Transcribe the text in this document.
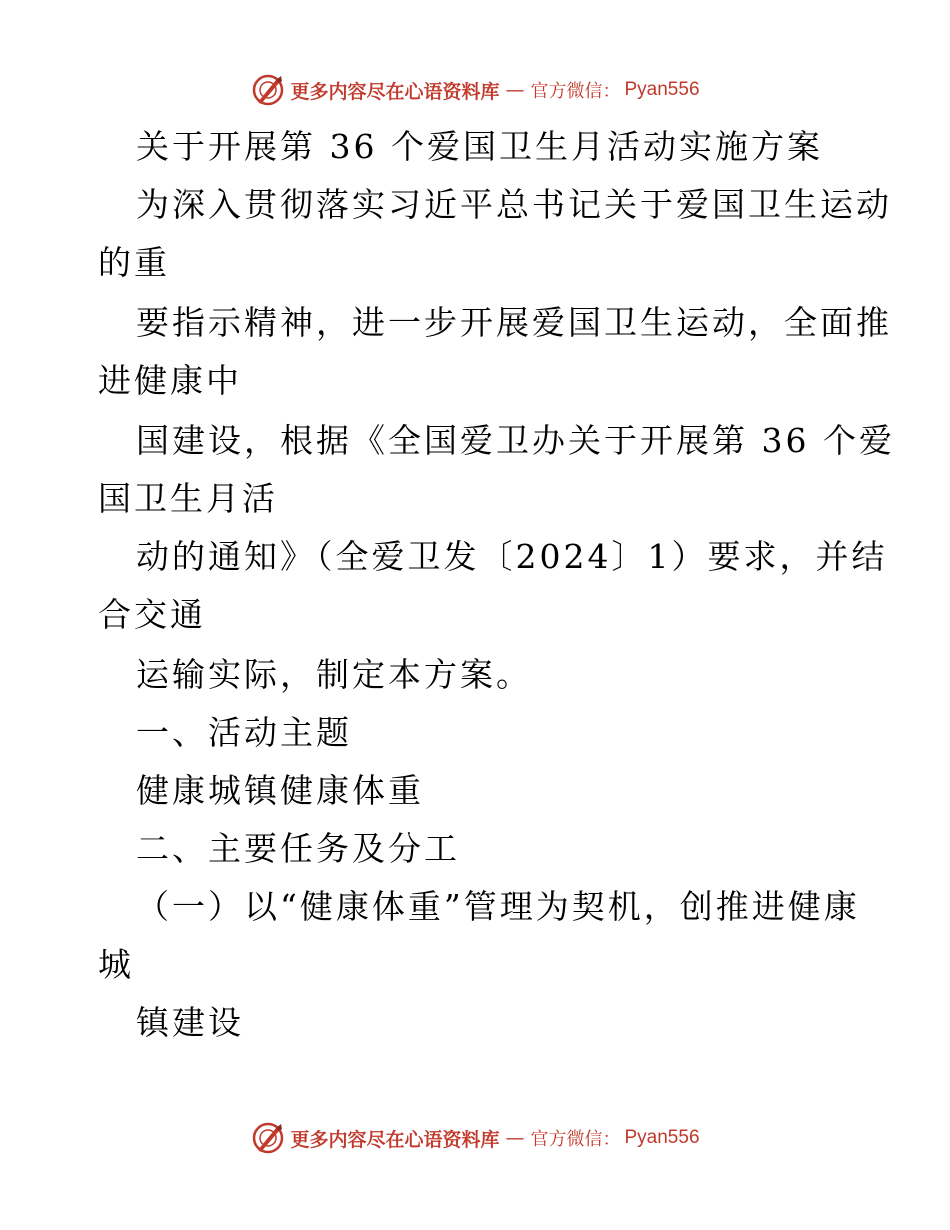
更多内容尽在心语资料库 — 官方微信： Pyan556
关于开展第 36 个爱国卫生月活动实施方案
为深入贯彻落实习近平总书记关于爱国卫生运动
的重
要指示精神，进一步开展爱国卫生运动，全面推
进健康中
国建设，根据《全国爱卫办关于开展第 36 个爱
国卫生月活
动的通知》（全爱卫发〔2024〕1）要求，并结
合交通
运输实际，制定本方案。
一、活动主题
健康城镇健康体重
二、主要任务及分工
（一）以“健康体重”管理为契机，创推进健康
城
镇建设
更多内容尽在心语资料库 — 官方微信： Pyan556
